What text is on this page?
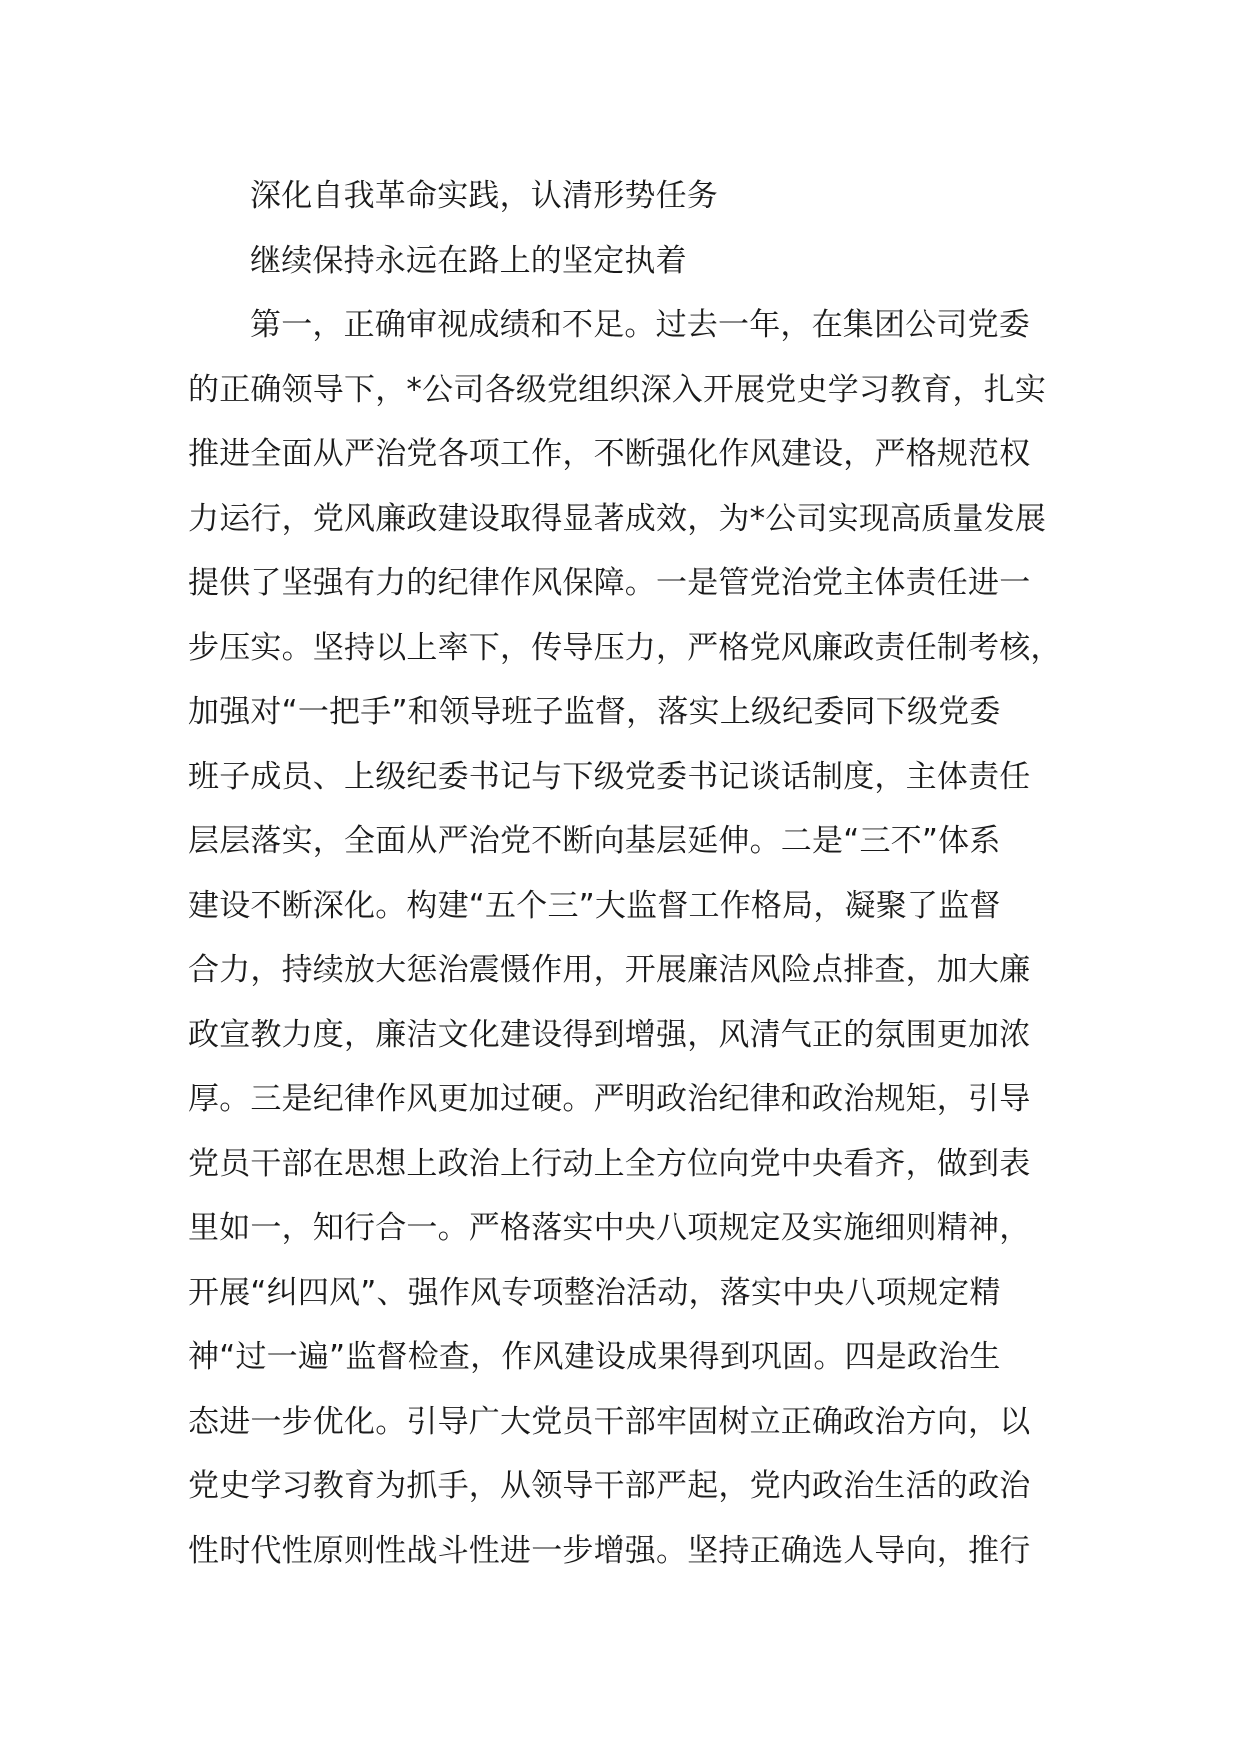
深化自我革命实践，认清形势任务
继续保持永远在路上的坚定执着
第一，正确审视成绩和不足。过去一年，在集团公司党委
的正确领导下，*公司各级党组织深入开展党史学习教育，扎实
推进全面从严治党各项工作，不断强化作风建设，严格规范权
力运行，党风廉政建设取得显著成效，为*公司实现高质量发展
提供了坚强有力的纪律作风保障。一是管党治党主体责任进一
步压实。坚持以上率下，传导压力，严格党风廉政责任制考核，
加强对“一把手”和领导班子监督，落实上级纪委同下级党委
班子成员、上级纪委书记与下级党委书记谈话制度，主体责任
层层落实，全面从严治党不断向基层延伸。二是“三不”体系
建设不断深化。构建“五个三”大监督工作格局，凝聚了监督
合力，持续放大惩治震慑作用，开展廉洁风险点排查，加大廉
政宣教力度，廉洁文化建设得到增强，风清气正的氛围更加浓
厚。三是纪律作风更加过硬。严明政治纪律和政治规矩，引导
党员干部在思想上政治上行动上全方位向党中央看齐，做到表
里如一，知行合一。严格落实中央八项规定及实施细则精神，
开展“纠四风”、强作风专项整治活动，落实中央八项规定精
神“过一遍”监督检查，作风建设成果得到巩固。四是政治生
态进一步优化。引导广大党员干部牢固树立正确政治方向，以
党史学习教育为抓手，从领导干部严起，党内政治生活的政治
性时代性原则性战斗性进一步增强。坚持正确选人导向，推行
